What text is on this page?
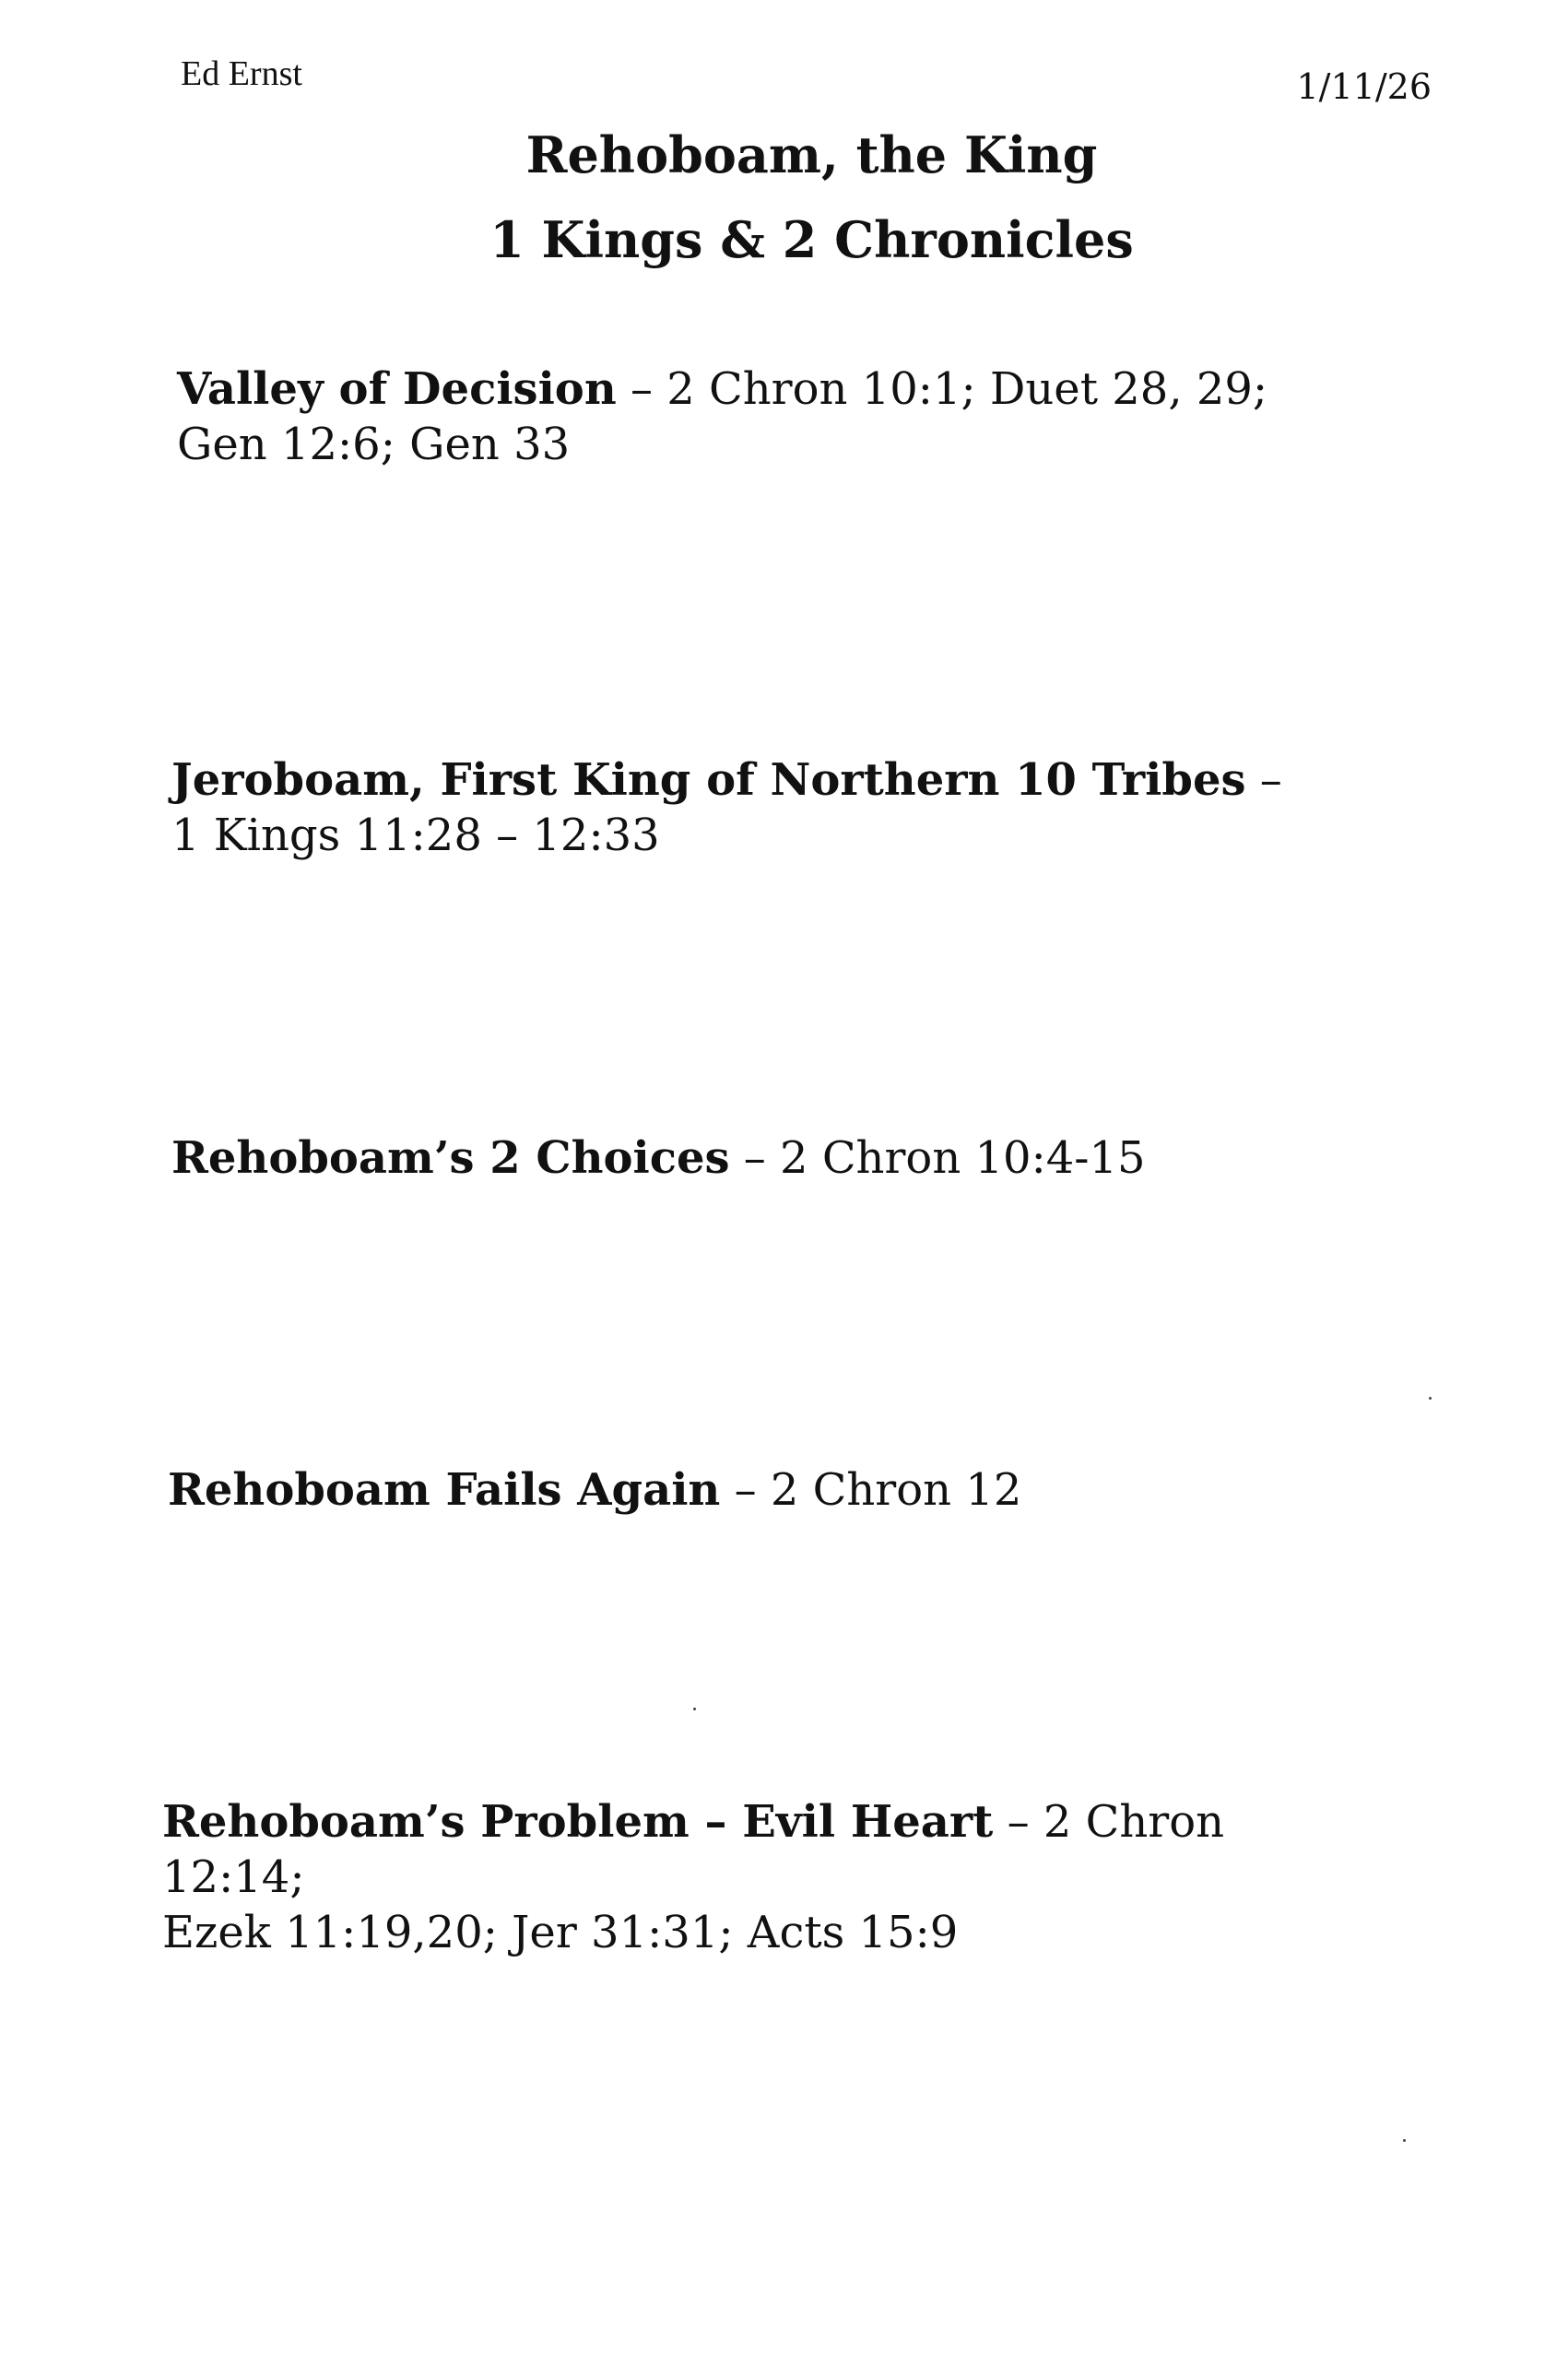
Ed Ernst	1/11/26
Rehoboam, the King
1 Kings & 2 Chronicles
Valley of Decision – 2 Chron 10:1; Duet 28, 29;
Gen 12:6; Gen 33
Jeroboam, First King of Northern 10 Tribes –
1 Kings 11:28 – 12:33
Rehoboam’s 2 Choices – 2 Chron 10:4-15
Rehoboam Fails Again – 2 Chron 12
Rehoboam’s Problem – Evil Heart – 2 Chron 12:14;
Ezek 11:19,20; Jer 31:31; Acts 15:9
